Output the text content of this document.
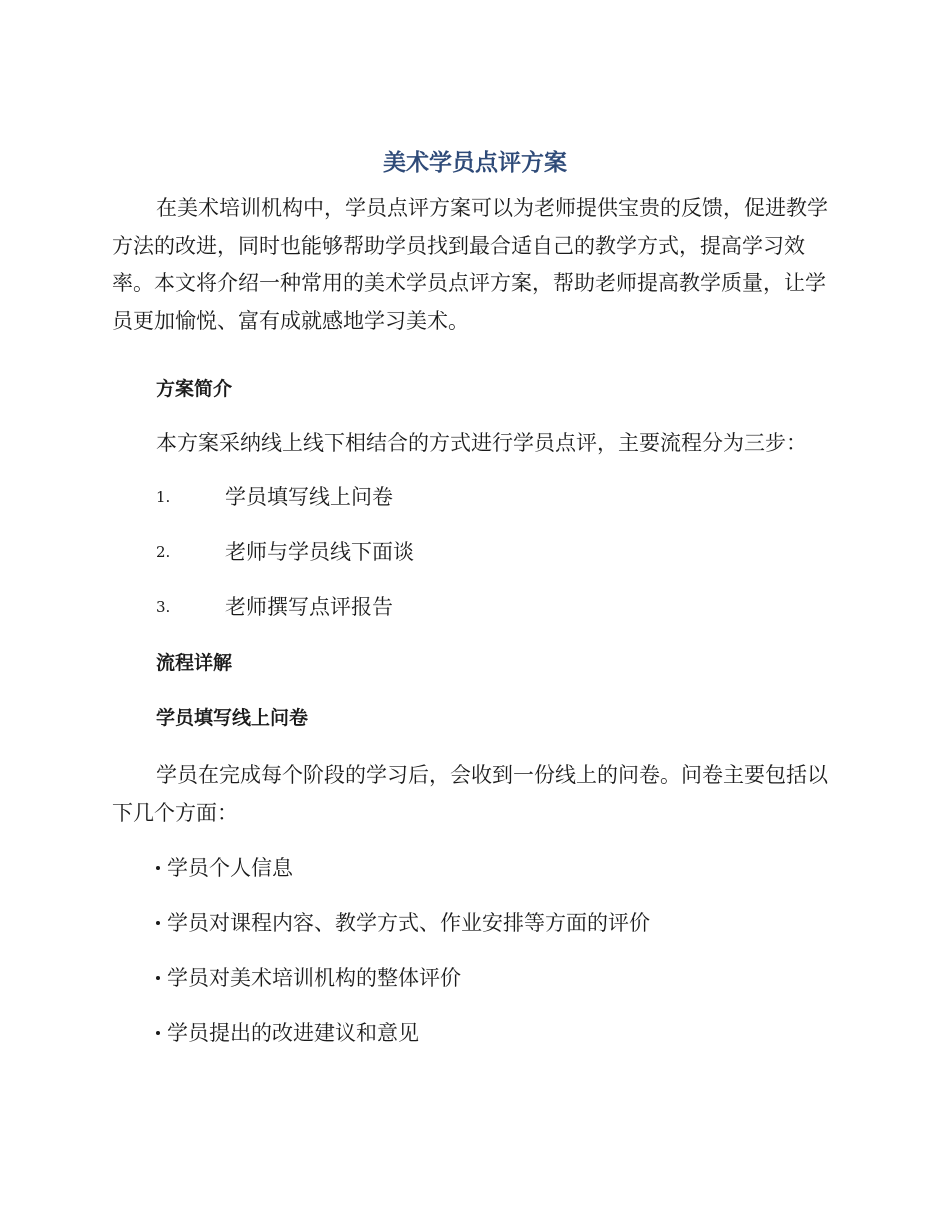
美术学员点评方案

在美术培训机构中，学员点评方案可以为老师提供宝贵的反馈，促进教学方法的改进，同时也能够帮助学员找到最合适自己的教学方式，提高学习效率。本文将介绍一种常用的美术学员点评方案，帮助老师提高教学质量，让学员更加愉悦、富有成就感地学习美术。

方案简介
本方案采纳线上线下相结合的方式进行学员点评，主要流程分为三步：
1.	学员填写线上问卷
2.	老师与学员线下面谈
3.	老师撰写点评报告
流程详解
学员填写线上问卷

学员在完成每个阶段的学习后，会收到一份线上的问卷。问卷主要包括以下几个方面：

学员个人信息
学员对课程内容、教学方式、作业安排等方面的评价
学员对美术培训机构的整体评价
学员提出的改进建议和意见
